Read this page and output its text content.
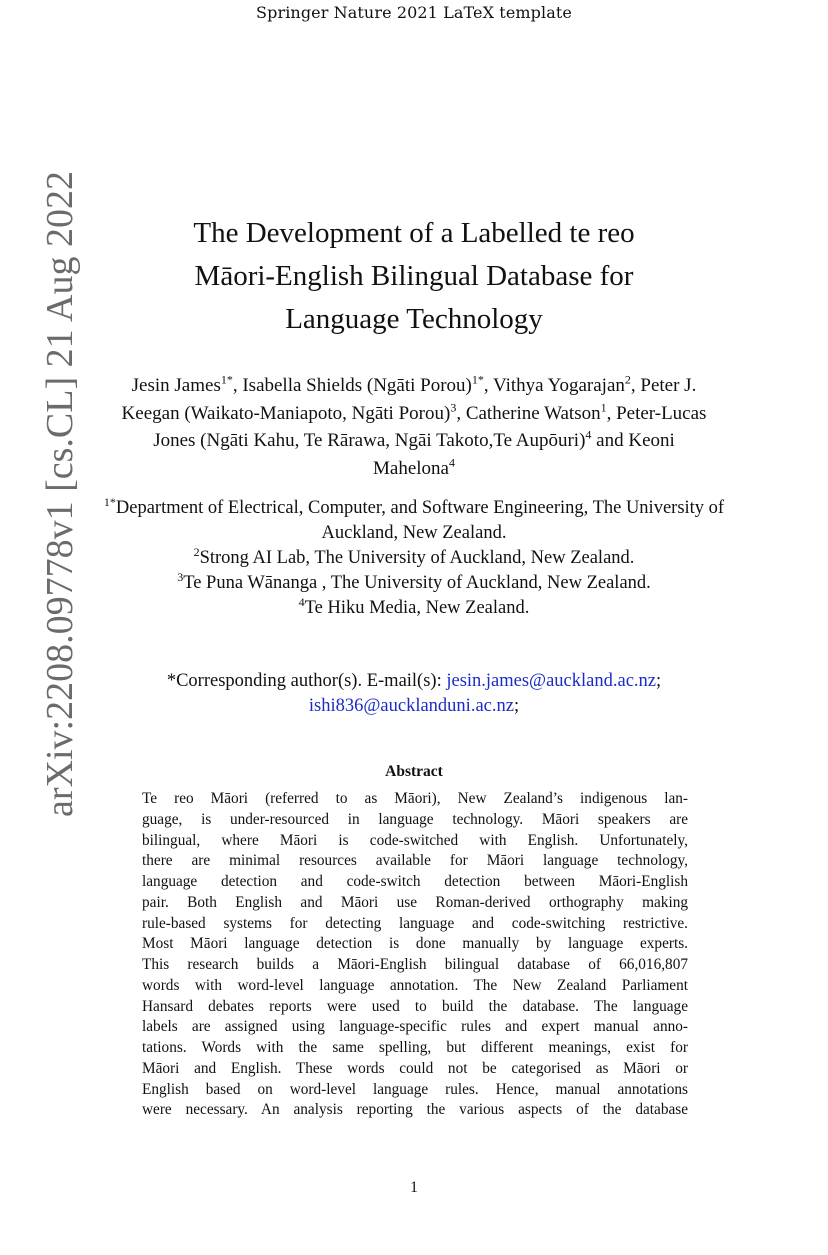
Springer Nature 2021 LaTeX template
arXiv:2208.09778v1 [cs.CL] 21 Aug 2022	The Development of a Labelled te reo
Māori-English Bilingual Database for
Language Technology
Jesin James$^{1*}$, Isabella Shields (Ngāti Porou)$^{1*}$, Vithya Yogarajan$^2$, Peter J. Keegan (Waikato-Maniapoto, Ngāti Porou)$^3$, Catherine Watson$^1$, Peter-Lucas Jones (Ngāti Kahu, Te Rārawa, Ngāi Takoto,Te Aupōuri)$^4$ and Keoni Mahelona$^4$
$^{1*}$Department of Electrical, Computer, and Software Engineering, The University of Auckland, New Zealand.
$^2$Strong AI Lab, The University of Auckland, New Zealand.
$^3$Te Puna Wānanga , The University of Auckland, New Zealand.
$^4$Te Hiku Media, New Zealand.
*Corresponding author(s). E-mail(s): jesin.james@auckland.ac.nz;
ishi836@aucklanduni.ac.nz;
Abstract
Te reo Māori (referred to as Māori), New Zealand’s indigenous lan-
guage, is under-resourced in language technology. Māori speakers are
bilingual, where Māori is code-switched with English. Unfortunately,
there are minimal resources available for Māori language technology,
language detection and code-switch detection between Māori-English
pair. Both English and Māori use Roman-derived orthography making
rule-based systems for detecting language and code-switching restrictive.
Most Māori language detection is done manually by language experts.
This research builds a Māori-English bilingual database of 66,016,807
words with word-level language annotation. The New Zealand Parliament
Hansard debates reports were used to build the database. The language
labels are assigned using language-specific rules and expert manual anno-
tations. Words with the same spelling, but different meanings, exist for
Māori and English. These words could not be categorised as Māori or
English based on word-level language rules. Hence, manual annotations
were necessary. An analysis reporting the various aspects of the database
1
